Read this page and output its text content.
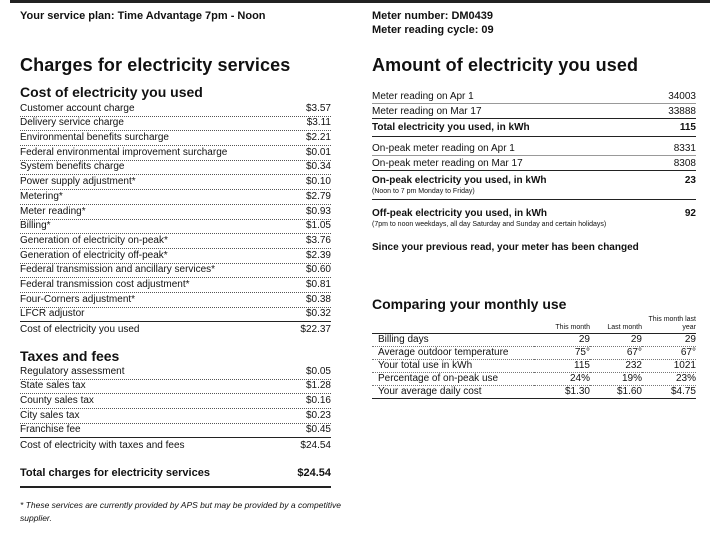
Your service plan: Time Advantage 7pm - Noon	Meter number: DM0439
Meter reading cycle: 09
Charges for electricity services
Cost of electricity you used
Customer account charge	$3.57
Delivery service charge	$3.11
Environmental benefits surcharge	$2.21
Federal environmental improvement surcharge	$0.01
System benefits charge	$0.34
Power supply adjustment*	$0.10
Metering*	$2.79
Meter reading*	$0.93
Billing*	$1.05
Generation of electricity on-peak*	$3.76
Generation of electricity off-peak*	$2.39
Federal transmission and ancillary services*	$0.60
Federal transmission cost adjustment*	$0.81
Four-Corners adjustment*	$0.38
LFCR adjustor	$0.32
Cost of electricity you used	$22.37
Taxes and fees
Regulatory assessment	$0.05
State sales tax	$1.28
County sales tax	$0.16
City sales tax	$0.23
Franchise fee	$0.45
Cost of electricity with taxes and fees	$24.54
Total charges for electricity services	$24.54
* These services are currently provided by APS but may be provided by a competitive supplier.
Amount of electricity you used
Meter reading on Apr 1	34003
Meter reading on Mar 17	33888
Total electricity you used, in kWh	115
On-peak meter reading on Apr 1	8331
On-peak meter reading on Mar 17	8308
On-peak electricity you used, in kWh	23
(Noon to 7 pm Monday to Friday)
Off-peak electricity you used, in kWh	92
(7pm to noon weekdays, all day Saturday and Sunday and certain holidays)
Since your previous read, your meter has been changed
Comparing your monthly use
	This month	Last month	This month last year
Billing days	29	29	29
Average outdoor temperature	75°	67°	67°
Your total use in kWh	115	232	1021
Percentage of on-peak use	24%	19%	23%
Your average daily cost	$1.30	$1.60	$4.75
